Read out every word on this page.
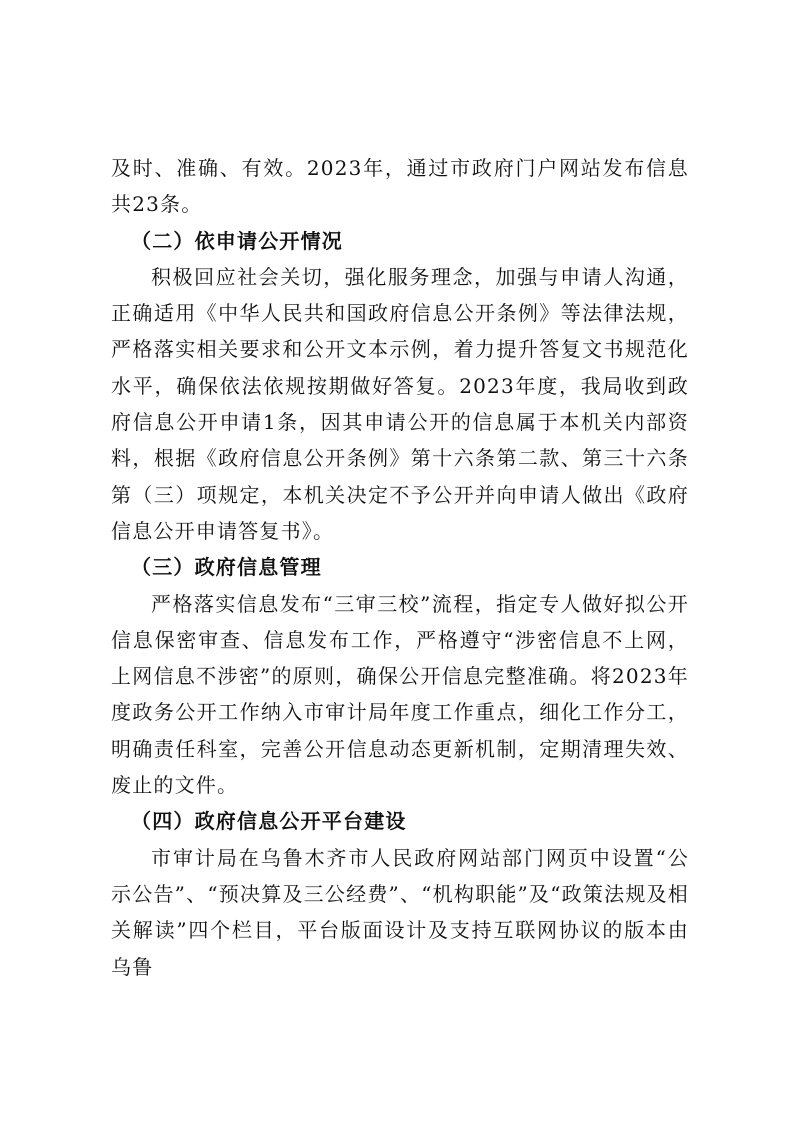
及时、准确、有效。2023年，通过市政府门户网站发布信息共23条。

（二）依申请公开情况

积极回应社会关切，强化服务理念，加强与申请人沟通，正确适用《中华人民共和国政府信息公开条例》等法律法规，严格落实相关要求和公开文本示例，着力提升答复文书规范化水平，确保依法依规按期做好答复。2023年度，我局收到政府信息公开申请1条，因其申请公开的信息属于本机关内部资料，根据《政府信息公开条例》第十六条第二款、第三十六条第（三）项规定，本机关决定不予公开并向申请人做出《政府信息公开申请答复书》。

（三）政府信息管理

严格落实信息发布“三审三校”流程，指定专人做好拟公开信息保密审查、信息发布工作，严格遵守“涉密信息不上网，上网信息不涉密”的原则，确保公开信息完整准确。将2023年度政务公开工作纳入市审计局年度工作重点，细化工作分工，明确责任科室，完善公开信息动态更新机制，定期清理失效、废止的文件。

（四）政府信息公开平台建设

市审计局在乌鲁木齐市人民政府网站部门网页中设置“公示公告”、“预决算及三公经费”、“机构职能”及“政策法规及相关解读”四个栏目，平台版面设计及支持互联网协议的版本由乌鲁
